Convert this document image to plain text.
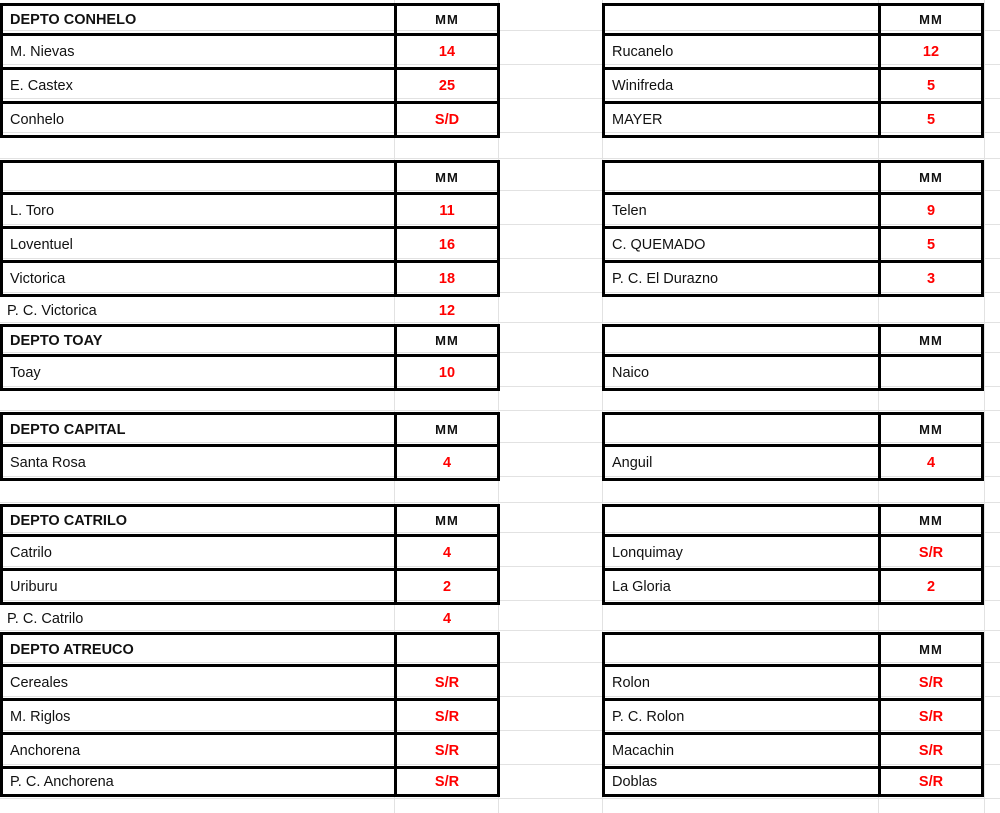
DEPTO CONHELO	MM
M. Nievas	14
E. Castex	25
Conhelo	S/D
MM
L. Toro	11
Loventuel	16
Victorica	18
P. C. Victorica	12
DEPTO TOAY	MM
Toay	10
DEPTO CAPITAL	MM
Santa Rosa	4
DEPTO CATRILO	MM
Catrilo	4
Uriburu	2
P. C. Catrilo	4
DEPTO ATREUCO
Cereales	S/R
M. Riglos	S/R
Anchorena	S/R
P. C. Anchorena	S/R
MM
Rucanelo	12
Winifreda	5
MAYER	5
MM
Telen	9
C. QUEMADO	5
P. C. El Durazno	3
MM
Naico
MM
Anguil	4
MM
Lonquimay	S/R
La Gloria	2
MM
Rolon	S/R
P. C. Rolon	S/R
Macachin	S/R
Doblas	S/R
